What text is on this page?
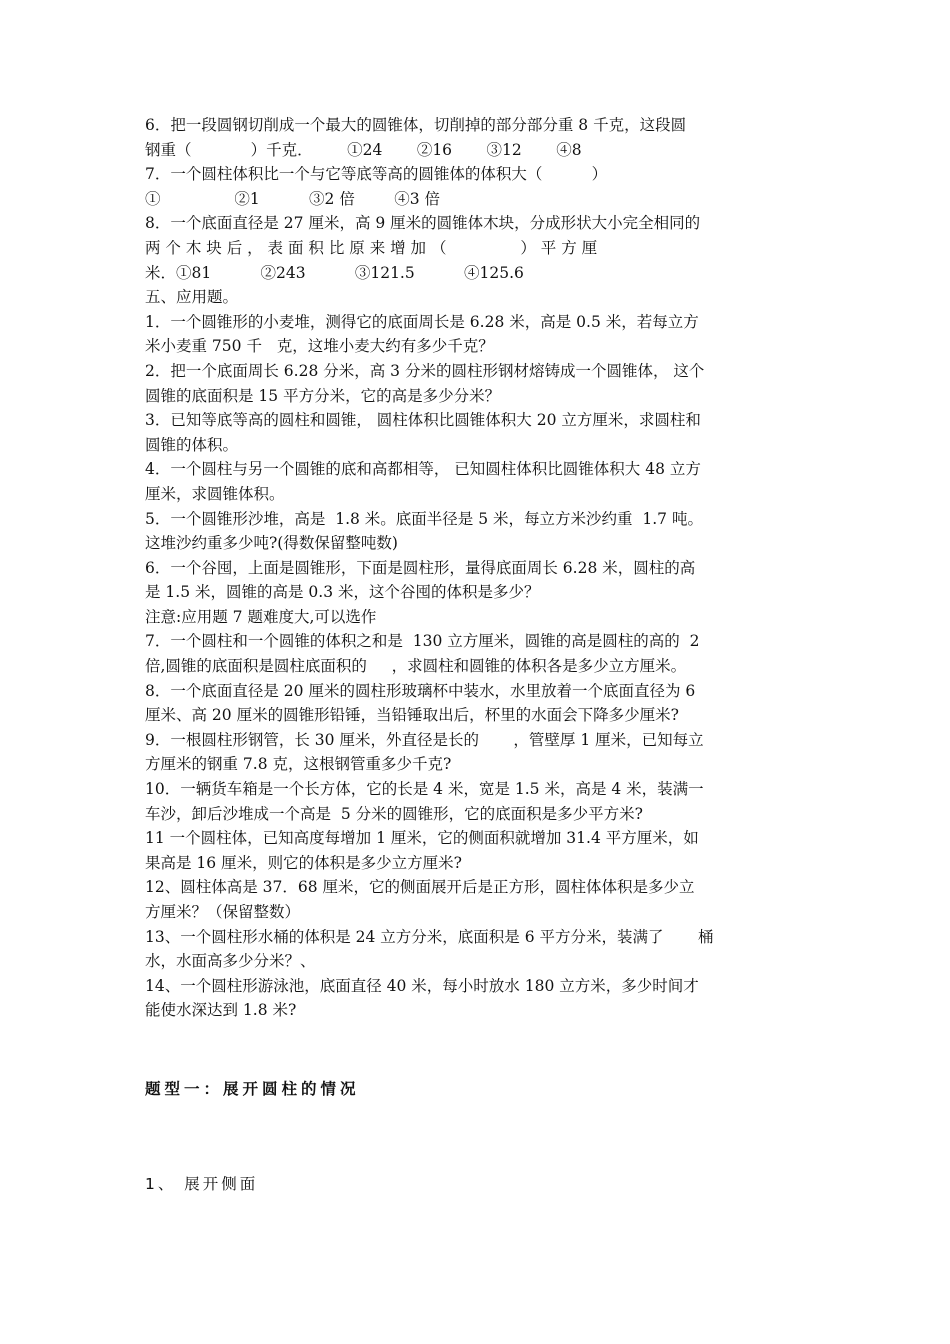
6．把一段圆钢切削成一个最大的圆锥体，切削掉的部分部分重 8 千克，这段圆
钢重（            ）千克．       ①24       ②16       ③12       ④8
7．一个圆柱体积比一个与它等底等高的圆锥体的体积大（          ）
①               ②1          ③2 倍        ④3 倍
8．一个底面直径是 27 厘米，高 9 厘米的圆锥体木块，分成形状大小完全相同的
两 个 木 块 后 ， 表 面 积 比 原 来 增 加 （               ） 平 方 厘
米．①81          ②243          ③121.5          ④125.6
五、应用题。
1．一个圆锥形的小麦堆，测得它的底面周长是 6.28 米，高是 0.5 米，若每立方
米小麦重 750 千   克，这堆小麦大约有多少千克？
2．把一个底面周长 6.28 分米，高 3 分米的圆柱形钢材熔铸成一个圆锥体， 这个
圆锥的底面积是 15 平方分米，它的高是多少分米？
3．已知等底等高的圆柱和圆锥， 圆柱体积比圆锥体积大 20 立方厘米，求圆柱和
圆锥的体积。
4．一个圆柱与另一个圆锥的底和高都相等， 已知圆柱体积比圆锥体积大 48 立方
厘米，求圆锥体积。
5．一个圆锥形沙堆，高是  1.8 米。底面半径是 5 米，每立方米沙约重  1.7 吨。
这堆沙约重多少吨?(得数保留整吨数)
6．一个谷囤，上面是圆锥形，下面是圆柱形，量得底面周长 6.28 米，圆柱的高
是 1.5 米，圆锥的高是 0.3 米，这个谷囤的体积是多少？
注意:应用题 7 题难度大,可以选作
7．一个圆柱和一个圆锥的体积之和是  130 立方厘米，圆锥的高是圆柱的高的  2
倍,圆锥的底面积是圆柱底面积的     ，求圆柱和圆锥的体积各是多少立方厘米。
8．一个底面直径是 20 厘米的圆柱形玻璃杯中装水，水里放着一个底面直径为 6
厘米、高 20 厘米的圆锥形铅锤，当铅锤取出后，杯里的水面会下降多少厘米?
9．一根圆柱形钢管，长 30 厘米，外直径是长的       ，管壁厚 1 厘米，已知每立
方厘米的钢重 7.8 克，这根钢管重多少千克?
10．一辆货车箱是一个长方体，它的长是 4 米，宽是 1.5 米，高是 4 米，装满一
车沙，卸后沙堆成一个高是  5 分米的圆锥形，它的底面积是多少平方米?
11 一个圆柱体，已知高度每增加 1 厘米，它的侧面积就增加 31.4 平方厘米，如
果高是 16 厘米，则它的体积是多少立方厘米?
12、圆柱体高是 37．68 厘米，它的侧面展开后是正方形，圆柱体体积是多少立
方厘米？（保留整数）
13、一个圆柱形水桶的体积是 24 立方分米，底面积是 6 平方分米，装满了       桶
水，水面高多少分米？、
14、一个圆柱形游泳池，底面直径 40 米，每小时放水 180 立方米，多少时间才
能使水深达到 1.8 米?
题型一：展开圆柱的情况
1、 展开侧面
